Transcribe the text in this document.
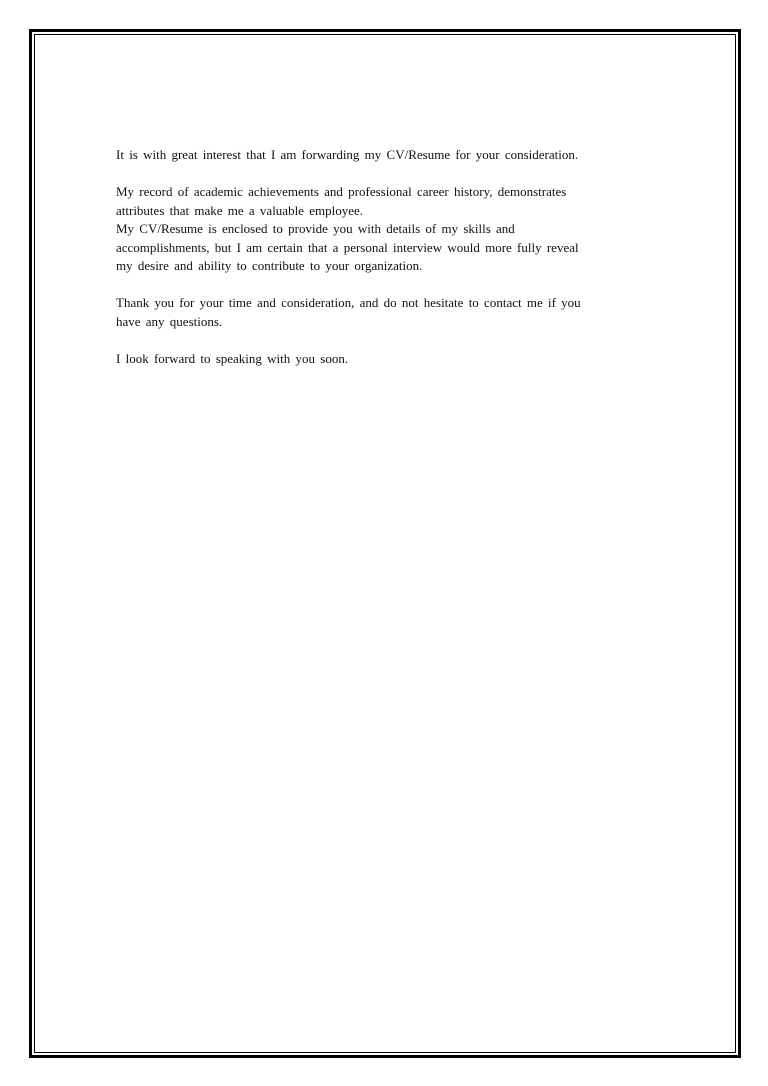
It is with great interest that I am forwarding my CV/Resume for your consideration.

My record of academic achievements and professional career history, demonstrates
attributes that make me a valuable employee.
My CV/Resume is enclosed to provide you with details of my skills and
accomplishments, but I am certain that a personal interview would more fully reveal
my desire and ability to contribute to your organization.

Thank you for your time and consideration, and do not hesitate to contact me if you
have any questions.

I look forward to speaking with you soon.
